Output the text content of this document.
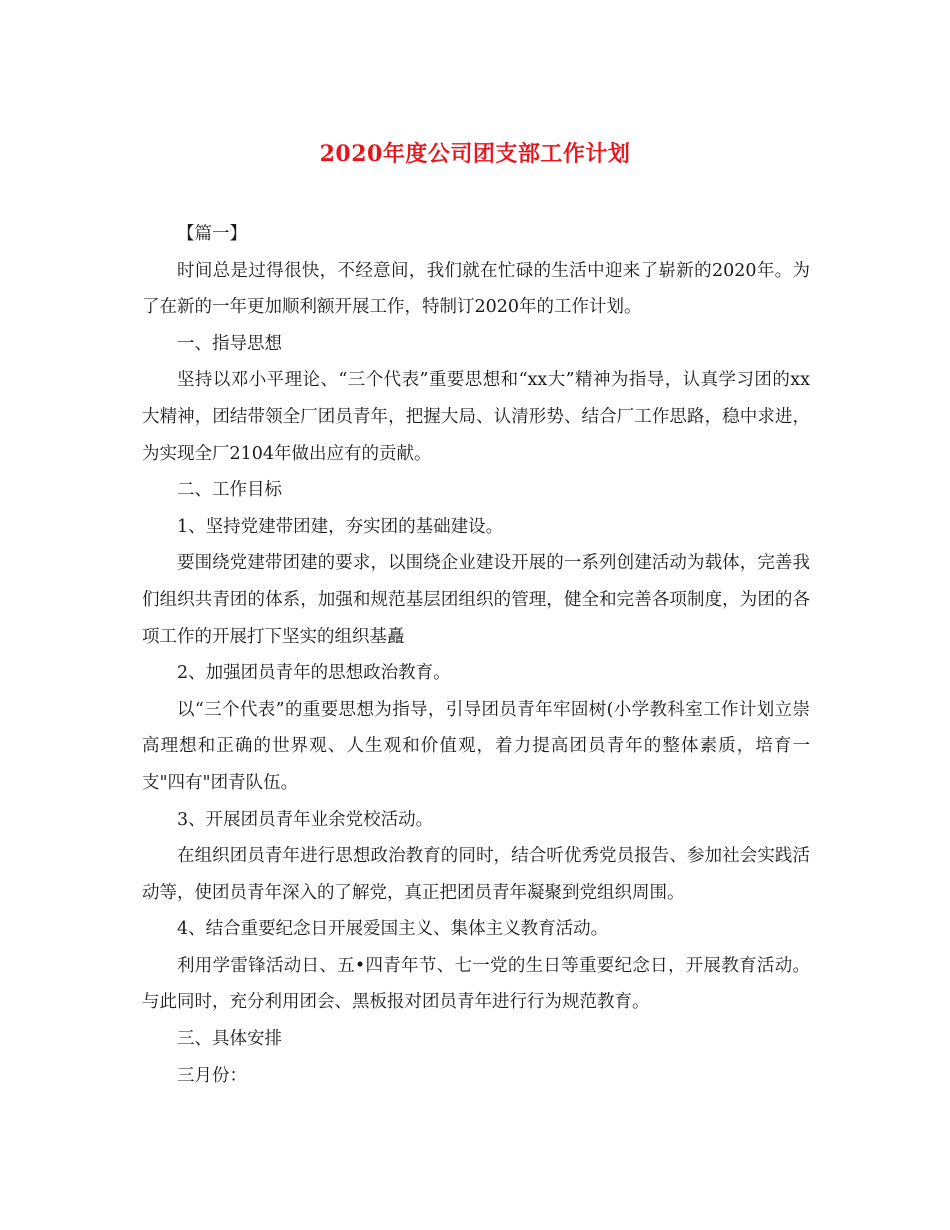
2020年度公司团支部工作计划

【篇一】

时间总是过得很快，不经意间，我们就在忙碌的生活中迎来了崭新的2020年。为了在新的一年更加顺利额开展工作，特制订2020年的工作计划。

一、指导思想

坚持以邓小平理论、“三个代表”重要思想和“xx大”精神为指导，认真学习团的xx大精神，团结带领全厂团员青年，把握大局、认清形势、结合厂工作思路，稳中求进，为实现全厂2104年做出应有的贡献。

二、工作目标

1、坚持党建带团建，夯实团的基础建设。

要围绕党建带团建的要求，以围绕企业建设开展的一系列创建活动为载体，完善我们组织共青团的体系，加强和规范基层团组织的管理，健全和完善各项制度，为团的各项工作的开展打下坚实的组织基矗

2、加强团员青年的思想政治教育。

以“三个代表”的重要思想为指导，引导团员青年牢固树(小学教科室工作计划立崇高理想和正确的世界观、人生观和价值观，着力提高团员青年的整体素质，培育一支"四有"团青队伍。

3、开展团员青年业余党校活动。

在组织团员青年进行思想政治教育的同时，结合听优秀党员报告、参加社会实践活动等，使团员青年深入的了解党，真正把团员青年凝聚到党组织周围。

4、结合重要纪念日开展爱国主义、集体主义教育活动。

利用学雷锋活动日、五•四青年节、七一党的生日等重要纪念日，开展教育活动。与此同时，充分利用团会、黑板报对团员青年进行行为规范教育。

三、具体安排

三月份：
